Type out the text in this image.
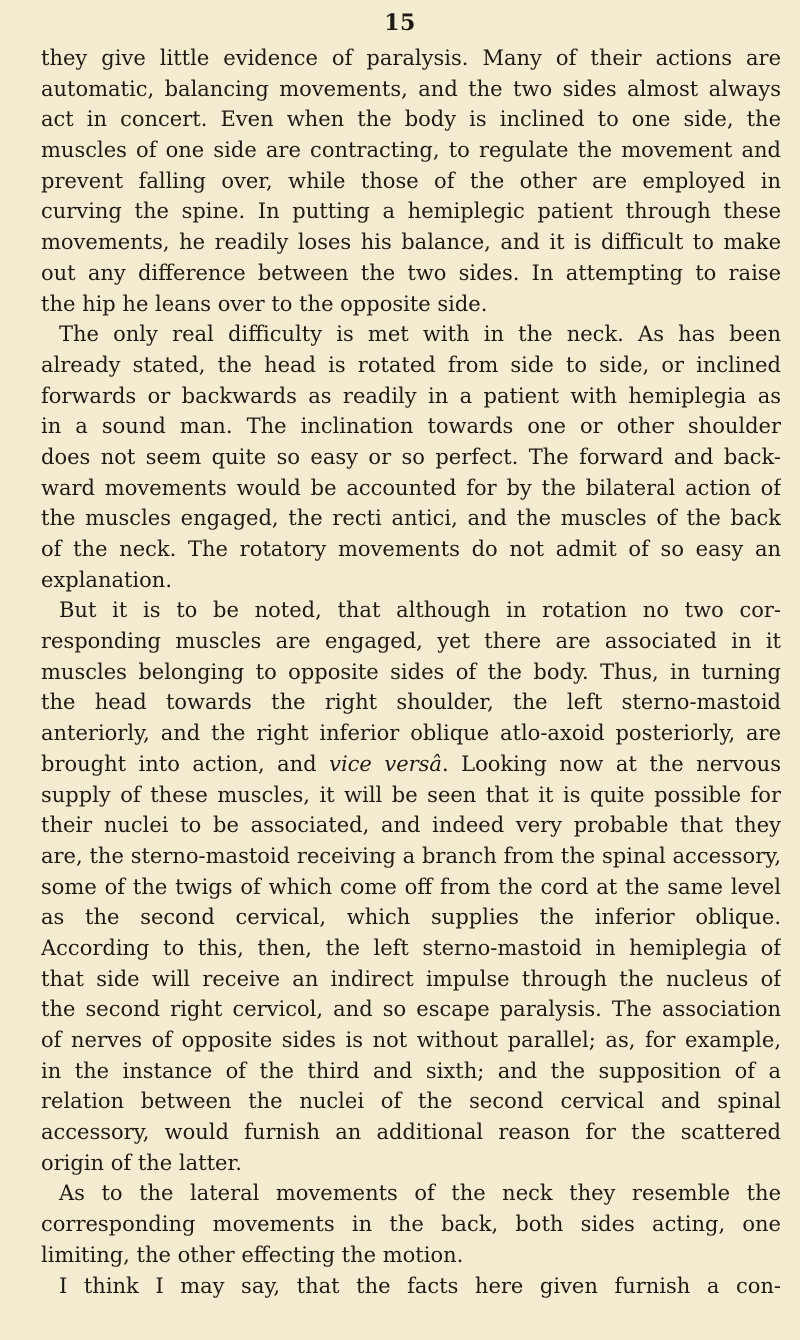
15
they give little evidence of paralysis. Many of their actions are
automatic, balancing movements, and the two sides almost always
act in concert. Even when the body is inclined to one side, the
muscles of one side are contracting, to regulate the movement and
prevent falling over, while those of the other are employed in
curving the spine. In putting a hemiplegic patient through these
movements, he readily loses his balance, and it is difficult to make
out any difference between the two sides. In attempting to raise
the hip he leans over to the opposite side.
The only real difficulty is met with in the neck. As has been
already stated, the head is rotated from side to side, or inclined
forwards or backwards as readily in a patient with hemiplegia as
in a sound man. The inclination towards one or other shoulder
does not seem quite so easy or so perfect. The forward and back-
ward movements would be accounted for by the bilateral action of
the muscles engaged, the recti antici, and the muscles of the back
of the neck. The rotatory movements do not admit of so easy an
explanation.
But it is to be noted, that although in rotation no two cor-
responding muscles are engaged, yet there are associated in it
muscles belonging to opposite sides of the body. Thus, in turning
the head towards the right shoulder, the left sterno-mastoid
anteriorly, and the right inferior oblique atlo-axoid posteriorly, are
brought into action, and vice versâ. Looking now at the nervous
supply of these muscles, it will be seen that it is quite possible for
their nuclei to be associated, and indeed very probable that they
are, the sterno-mastoid receiving a branch from the spinal accessory,
some of the twigs of which come off from the cord at the same level
as the second cervical, which supplies the inferior oblique.
According to this, then, the left sterno-mastoid in hemiplegia of
that side will receive an indirect impulse through the nucleus of
the second right cervicol, and so escape paralysis. The association
of nerves of opposite sides is not without parallel; as, for example,
in the instance of the third and sixth; and the supposition of a
relation between the nuclei of the second cervical and spinal
accessory, would furnish an additional reason for the scattered
origin of the latter.
As to the lateral movements of the neck they resemble the
corresponding movements in the back, both sides acting, one
limiting, the other effecting the motion.
I think I may say, that the facts here given furnish a con-
